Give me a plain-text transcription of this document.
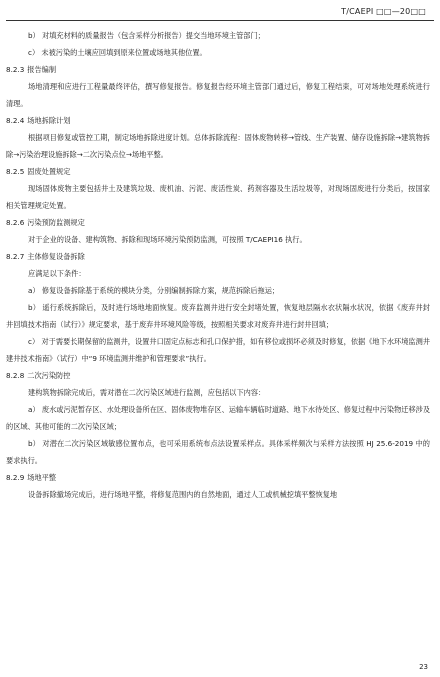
T/CAEPI □□—20□□

b） 对填充材料的质量报告（包含采样分析报告）提交当地环境主管部门；

c） 未被污染的土壤应回填到原来位置或场地其他位置。

8.2.3 报告编制

场地清理和应进行工程量最终评估，撰写修复报告。修复报告经环境主管部门通过后，修复工程结束，可对场地处理系统进行清理。

8.2.4 场地拆除计划

根据项目修复或管控工期，制定场地拆除进度计划。总体拆除流程：固体废物转移→管线、生产装置、储存设施拆除→建筑物拆除→污染治理设施拆除→二次污染点位→场地平整。

8.2.5 固废处置规定

现场固体废物主要包括井土及建筑垃圾、废机油、污泥、废活性炭、药剂容器及生活垃圾等，对现场固废进行分类后，按国家相关管理规定处置。

8.2.6 污染预防监测规定

对于企业的设备、建构筑物、拆除和现场环境污染预防监测，可按照 T/CAEPI16 执行。

8.2.7 主体修复设备拆除

应满足以下条件：

a） 修复设备拆除基于系统的模块分类，分别编制拆除方案，规范拆除后拖运；

b） 遥行系统拆除后，及时进行场地地面恢复。废弃监测井进行安全封堵处置，恢复地层隔水衣状隔水状况，依据《废弃井封井回填技术指南（试行）》规定要求，基于废弃井环境风险等级，按照相关要求对废弃井进行封井回填；

c） 对于需要长期保留的监测井，设置井口固定点标志和孔口保护措，如有移位或损坏必须及时修复，依据《地下水环境监测井建井技术指南》（试行）中“9 环境监测井维护和管理要求”执行。

8.2.8 二次污染防控

建构筑物拆除完成后，需对潜在二次污染区域进行监测，应包括以下内容：

a） 废水或污泥暂存区、水处理设备所在区、固体废物堆存区、运输车辆临时道路、地下水待处区、修复过程中污染物迁移涉及的区域、其他可能的二次污染区域；

b） 对潜在二次污染区域敏感位置布点，也可采用系统布点法设置采样点。具体采样频次与采样方法按照 HJ 25.6-2019 中的要求执行。

8.2.9 场地平整

设备拆除撤场完成后，进行场地平整，将修复范围内的自然地面，通过人工或机械挖填平整恢复地

23
